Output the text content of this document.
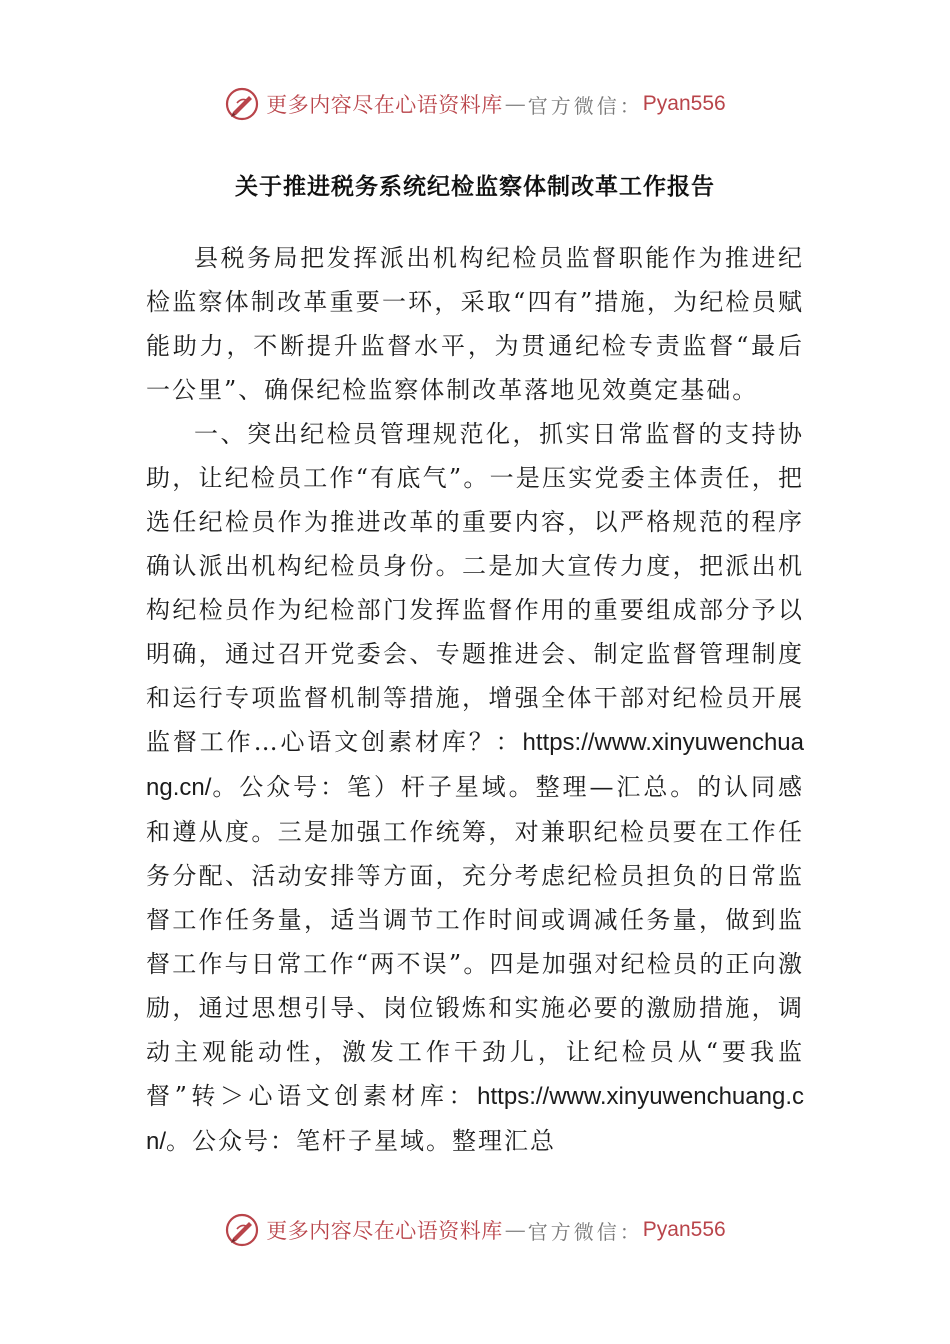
更多内容尽在心语资料库 — 官方微信： Pyan556
关于推进税务系统纪检监察体制改革工作报告

县税务局把发挥派出机构纪检员监督职能作为推进纪检监察体制改革重要一环，采取“四有”措施，为纪检员赋能助力，不断提升监督水平，为贯通纪检专责监督“最后一公里”、确保纪检监察体制改革落地见效奠定基础。

一、突出纪检员管理规范化，抓实日常监督的支持协助，让纪检员工作“有底气”。一是压实党委主体责任，把选任纪检员作为推进改革的重要内容，以严格规范的程序确认派出机构纪检员身份。二是加大宣传力度，把派出机构纪检员作为纪检部门发挥监督作用的重要组成部分予以明确，通过召开党委会、专题推进会、制定监督管理制度和运行专项监督机制等措施，增强全体干部对纪检员开展监督工作…心语文创素材库？：https://www.xinyuwenchuang.cn/。公众号：笔）杆子星域。整理—汇总。的认同感和遵从度。三是加强工作统筹，对兼职纪检员要在工作任务分配、活动安排等方面，充分考虑纪检员担负的日常监督工作任务量，适当调节工作时间或调减任务量，做到监督工作与日常工作“两不误”。四是加强对纪检员的正向激励，通过思想引导、岗位锻炼和实施必要的激励措施，调动主观能动性，激发工作干劲儿，让纪检员从“要我监督”转＞心语文创素材库：https://www.xinyuwenchuang.cn/。公众号：笔杆子星域。整理汇总

更多内容尽在心语资料库 — 官方微信： Pyan556
